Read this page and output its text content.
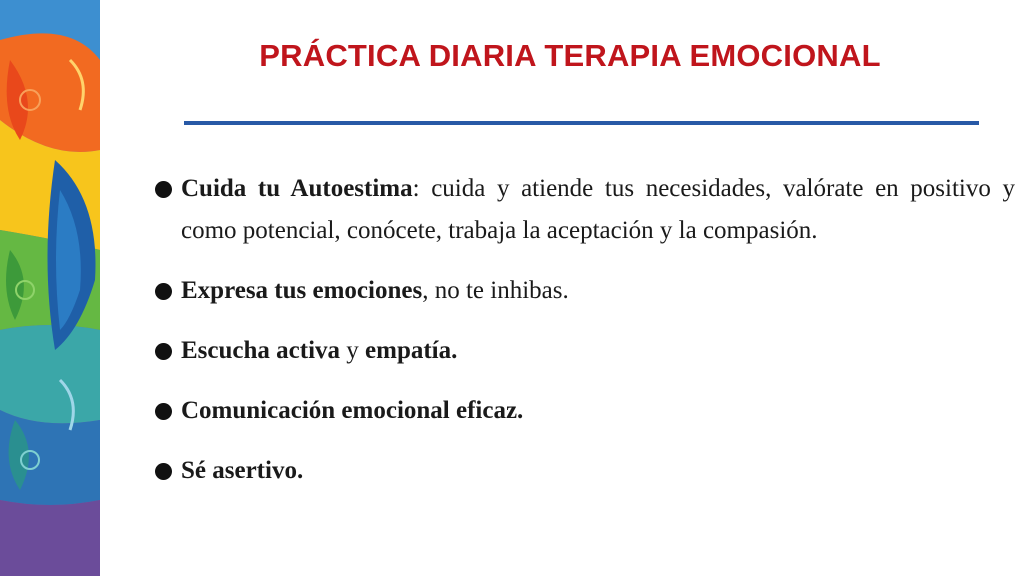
PRÁCTICA DIARIA TERAPIA EMOCIONAL
Cuida tu Autoestima: cuida y atiende tus necesidades, valórate en positivo y como potencial, conócete, trabaja la aceptación y la compasión.
Expresa tus emociones, no te inhibas.
Escucha activa y empatía.
Comunicación emocional eficaz.
Sé asertivo.
